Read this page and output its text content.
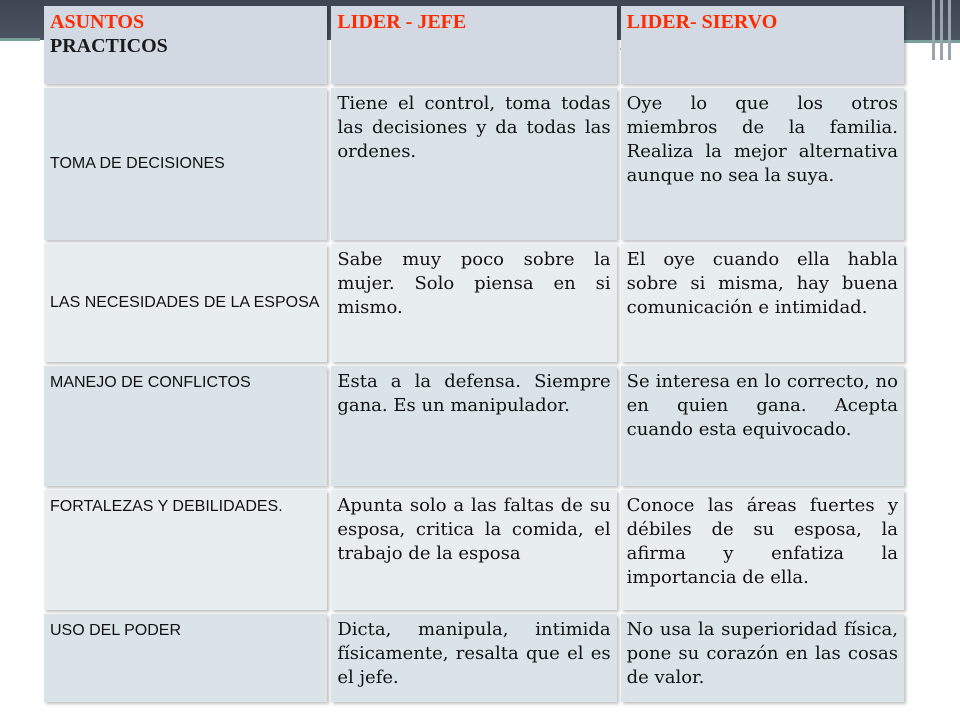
ASUNTOS
PRACTICOS	LIDER - JEFE	LIDER- SIERVO
TOMA DE DECISIONES	Tiene el control, toma todas las decisiones y da todas las ordenes.	Oye lo que los otros miembros de la familia. Realiza la mejor alternativa aunque no sea la suya.
LAS NECESIDADES DE LA ESPOSA	Sabe muy poco sobre la mujer. Solo piensa en si mismo.	El oye cuando ella habla sobre si misma, hay buena comunicación e intimidad.
MANEJO DE CONFLICTOS	Esta a la defensa. Siempre gana. Es un manipulador.	Se interesa en lo correcto, no en quien gana. Acepta cuando esta equivocado.
FORTALEZAS Y DEBILIDADES.	Apunta solo a las faltas de su esposa, critica la comida, el trabajo de la esposa	Conoce las áreas fuertes y débiles de su esposa, la afirma y enfatiza la importancia de ella.
USO DEL PODER	Dicta, manipula, intimida físicamente, resalta que el es el jefe.	No usa la superioridad física, pone su corazón en las cosas de valor.
